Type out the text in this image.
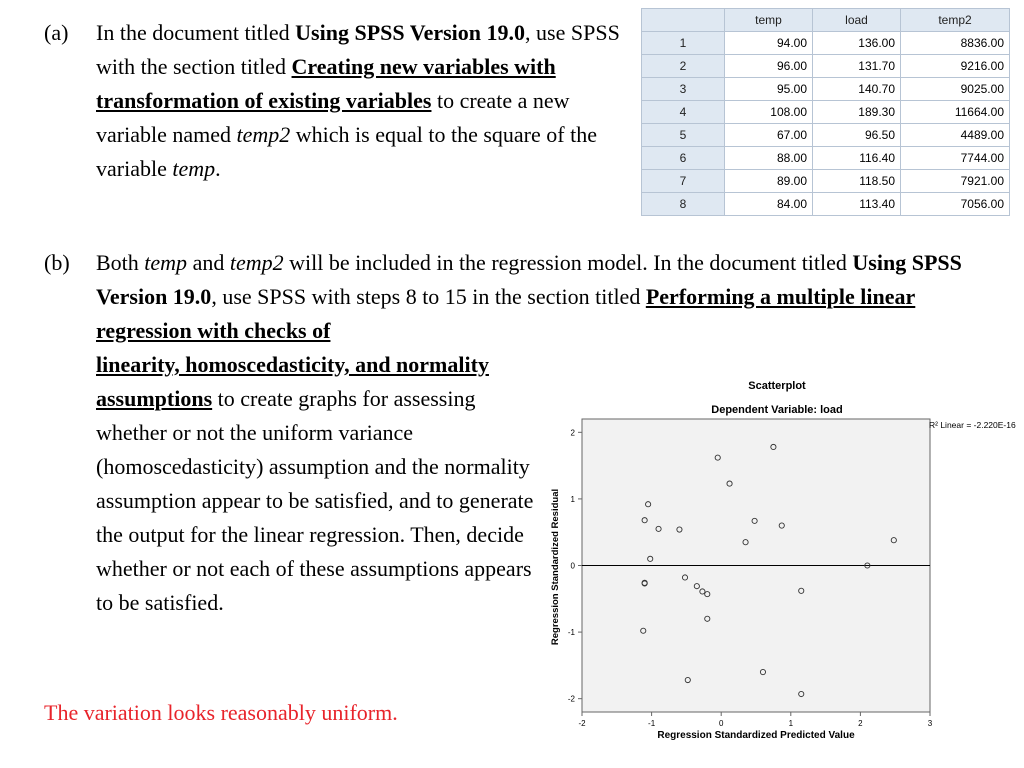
(a) In the document titled Using SPSS Version 19.0, use SPSS with the section titled Creating new variables with transformation of existing variables to create a new variable named temp2 which is equal to the square of the variable temp.
	temp	load	temp2
1	94.00	136.00	8836.00
2	96.00	131.70	9216.00
3	95.00	140.70	9025.00
4	108.00	189.30	11664.00
5	67.00	96.50	4489.00
6	88.00	116.40	7744.00
7	89.00	118.50	7921.00
8	84.00	113.40	7056.00
(b) Both temp and temp2 will be included in the regression model. In the document titled Using SPSS Version 19.0, use SPSS with steps 8 to 15 in the section titled Performing a multiple linear regression with checks of
linearity, homoscedasticity, and normality assumptions to create graphs for assessing whether or not the uniform variance (homoscedasticity) assumption and the normality assumption appear to be satisfied, and to generate the output for the linear regression. Then, decide whether or not each of these assumptions appears to be satisfied.
Scatterplot
Dependent Variable: load
R² Linear = -2.220E-16
Regression Standardized Residual
Regression Standardized Predicted Value
-2	-1	0	1	2	3
2
1
0
-1
-2
The variation looks reasonably uniform.
